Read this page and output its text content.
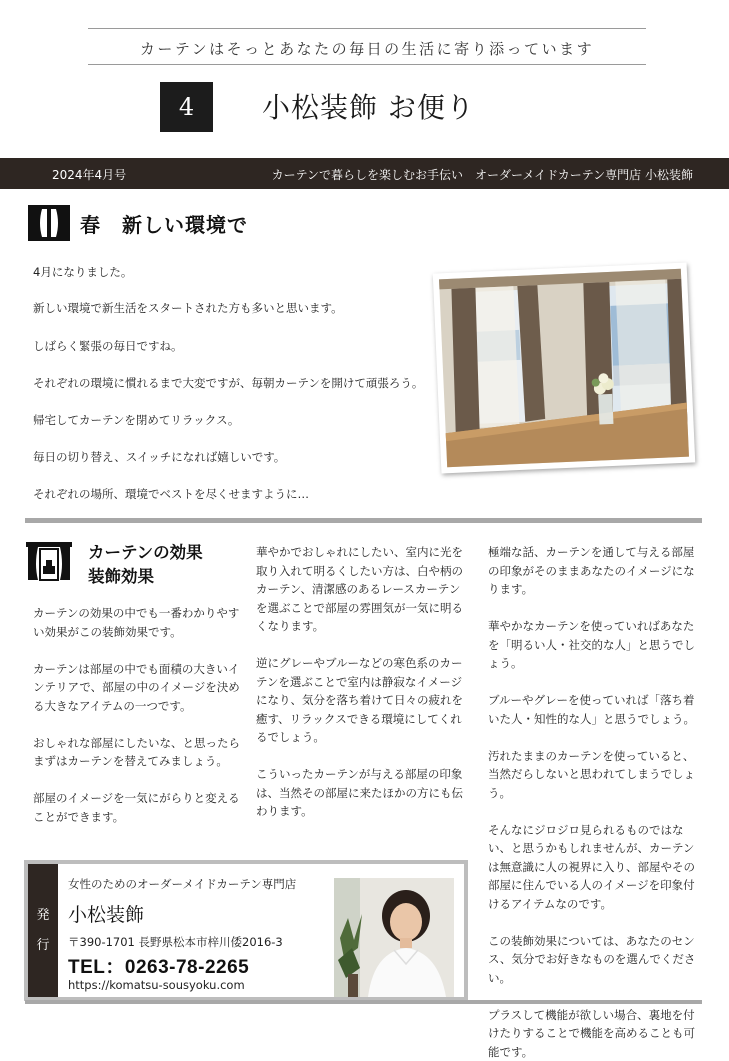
カーテンはそっとあなたの毎日の生活に寄り添っています
4 小松装飾 お便り
2024年4月号	カーテンで暮らしを楽しむお手伝い　オーダーメイドカーテン専門店 小松装飾
春　新しい環境で
4月になりました。
新しい環境で新生活をスタートされた方も多いと思います。
しばらく緊張の毎日ですね。
それぞれの環境に慣れるまで大変ですが、毎朝カーテンを開けて頑張ろう。
帰宅してカーテンを閉めてリラックス。
毎日の切り替え、スイッチになれば嬉しいです。
それぞれの場所、環境でベストを尽くせますように…
カーテンの効果
装飾効果

カーテンの効果の中でも一番わかりやすい効果がこの装飾効果です。

カーテンは部屋の中でも面積の大きいインテリアで、部屋の中のイメージを決める大きなアイテムの一つです。

おしゃれな部屋にしたいな、と思ったらまずはカーテンを替えてみましょう。

部屋のイメージを一気にがらりと変えることができます。

華やかでおしゃれにしたい、室内に光を取り入れて明るくしたい方は、白や柄のカーテン、清潔感のあるレースカーテンを選ぶことで部屋の雰囲気が一気に明るくなります。

逆にグレーやブルーなどの寒色系のカーテンを選ぶことで室内は静寂なイメージになり、気分を落ち着けて日々の疲れを癒す、リラックスできる環境にしてくれるでしょう。

こういったカーテンが与える部屋の印象は、当然その部屋に来たほかの方にも伝わります。

極端な話、カーテンを通して与える部屋の印象がそのままあなたのイメージになります。

華やかなカーテンを使っていればあなたを「明るい人・社交的な人」と思うでしょう。

ブルーやグレーを使っていれば「落ち着いた人・知性的な人」と思うでしょう。

汚れたままのカーテンを使っていると、当然だらしないと思われてしまうでしょう。

そんなにジロジロ見られるものではない、と思うかもしれませんが、カーテンは無意識に人の視界に入り、部屋やその部屋に住んでいる人のイメージを印象付けるアイテムなのです。

この装飾効果については、あなたのセンス、気分でお好きなものを選んでください。

プラスして機能が欲しい場合、裏地を付けたりすることで機能を高めることも可能です。

発
行
女性のためのオーダーメイドカーテン専門店
小松装飾
〒390-1701 長野県松本市梓川倭2016-3
TEL：0263-78-2265
https://komatsu-sousyoku.com
